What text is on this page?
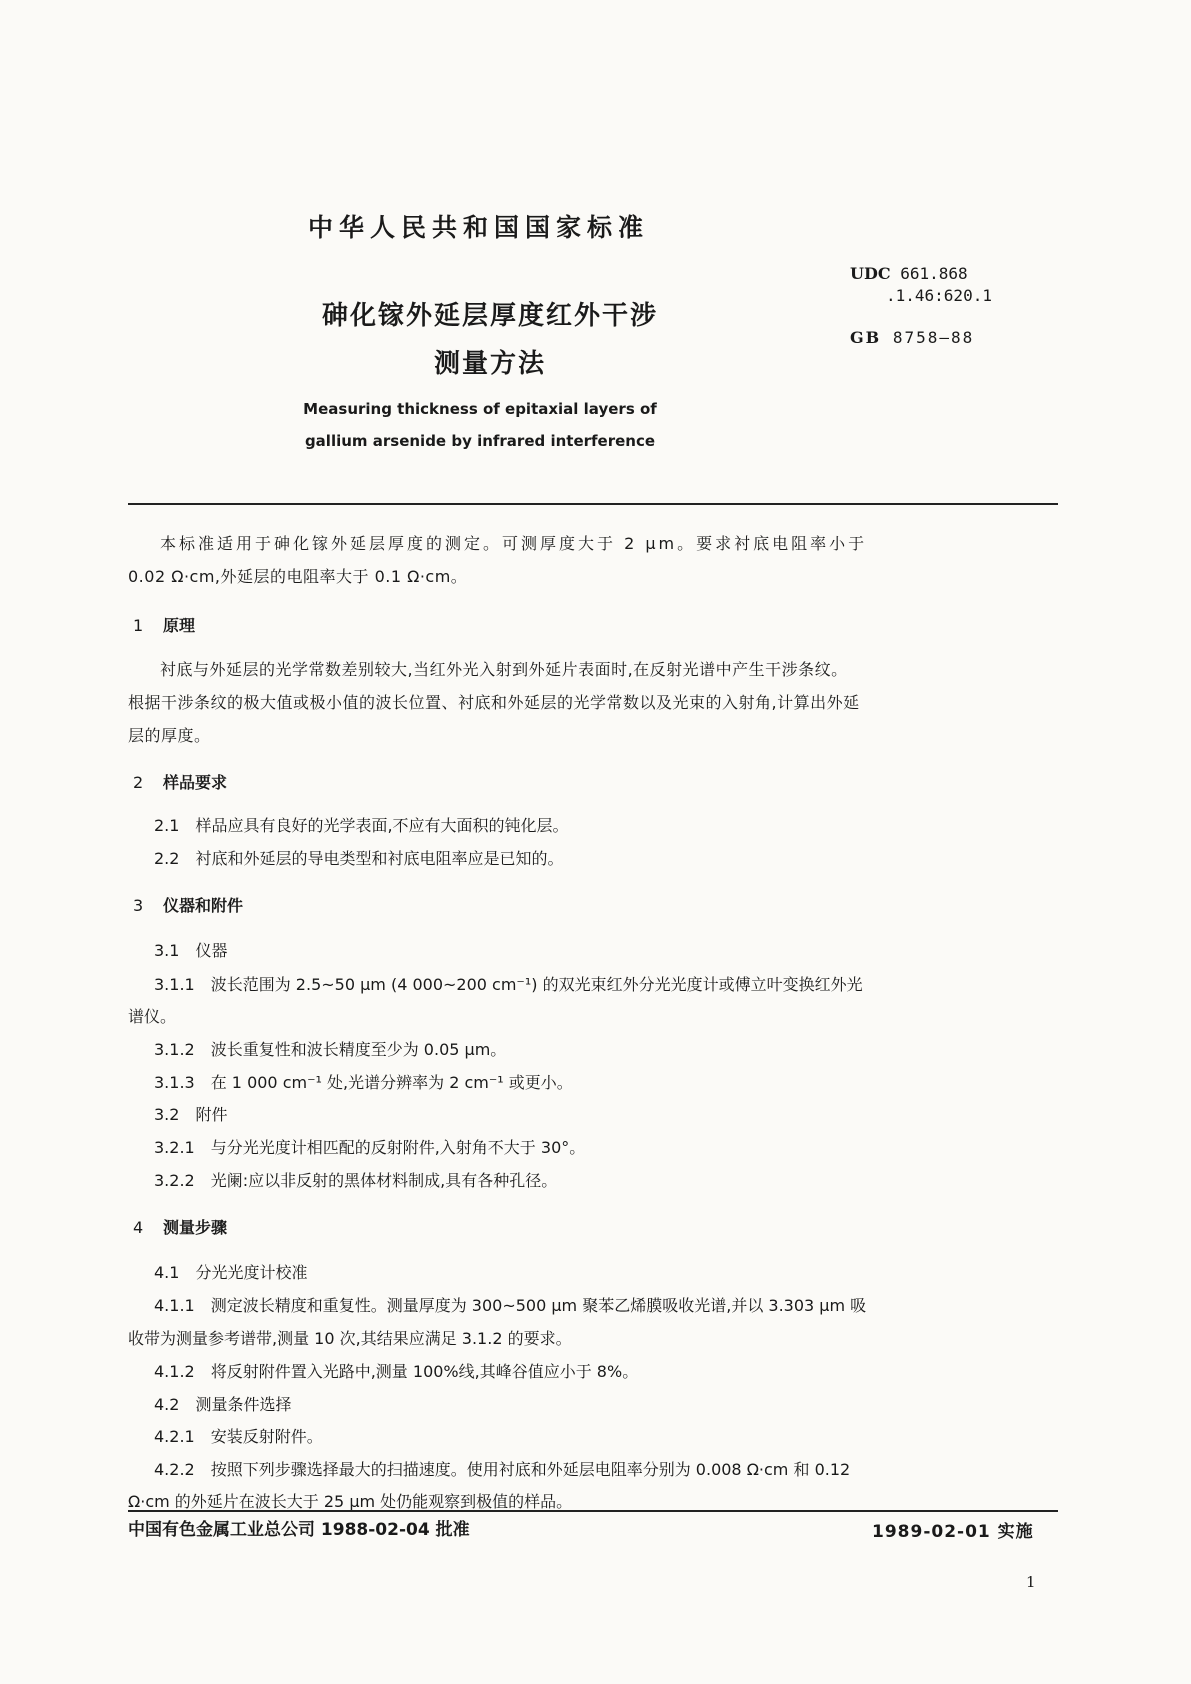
中华人民共和国国家标准
砷化镓外延层厚度红外干涉
测量方法
Measuring thickness of epitaxial layers of
gallium arsenide by infrared interference
UDC 661.868
.1.46:620.1
GB 8758—88
本标准适用于砷化镓外延层厚度的测定。可测厚度大于 2 μm。要求衬底电阻率小于
0.02 Ω·cm,外延层的电阻率大于 0.1 Ω·cm。
1 原理
衬底与外延层的光学常数差别较大,当红外光入射到外延片表面时,在反射光谱中产生干涉条纹。
根据干涉条纹的极大值或极小值的波长位置、衬底和外延层的光学常数以及光束的入射角,计算出外延
层的厚度。
2 样品要求
2.1 样品应具有良好的光学表面,不应有大面积的钝化层。
2.2 衬底和外延层的导电类型和衬底电阻率应是已知的。
3 仪器和附件
3.1 仪器
3.1.1 波长范围为 2.5~50 μm (4 000~200 cm⁻¹) 的双光束红外分光光度计或傅立叶变换红外光
谱仪。
3.1.2 波长重复性和波长精度至少为 0.05 μm。
3.1.3 在 1 000 cm⁻¹ 处,光谱分辨率为 2 cm⁻¹ 或更小。
3.2 附件
3.2.1 与分光光度计相匹配的反射附件,入射角不大于 30°。
3.2.2 光阑:应以非反射的黑体材料制成,具有各种孔径。
4 测量步骤
4.1 分光光度计校准
4.1.1 测定波长精度和重复性。测量厚度为 300~500 μm 聚苯乙烯膜吸收光谱,并以 3.303 μm 吸
收带为测量参考谱带,测量 10 次,其结果应满足 3.1.2 的要求。
4.1.2 将反射附件置入光路中,测量 100%线,其峰谷值应小于 8%。
4.2 测量条件选择
4.2.1 安装反射附件。
4.2.2 按照下列步骤选择最大的扫描速度。使用衬底和外延层电阻率分别为 0.008 Ω·cm 和 0.12
Ω·cm 的外延片在波长大于 25 μm 处仍能观察到极值的样品。
中国有色金属工业总公司 1988-02-04 批准	1989-02-01 实施
1
